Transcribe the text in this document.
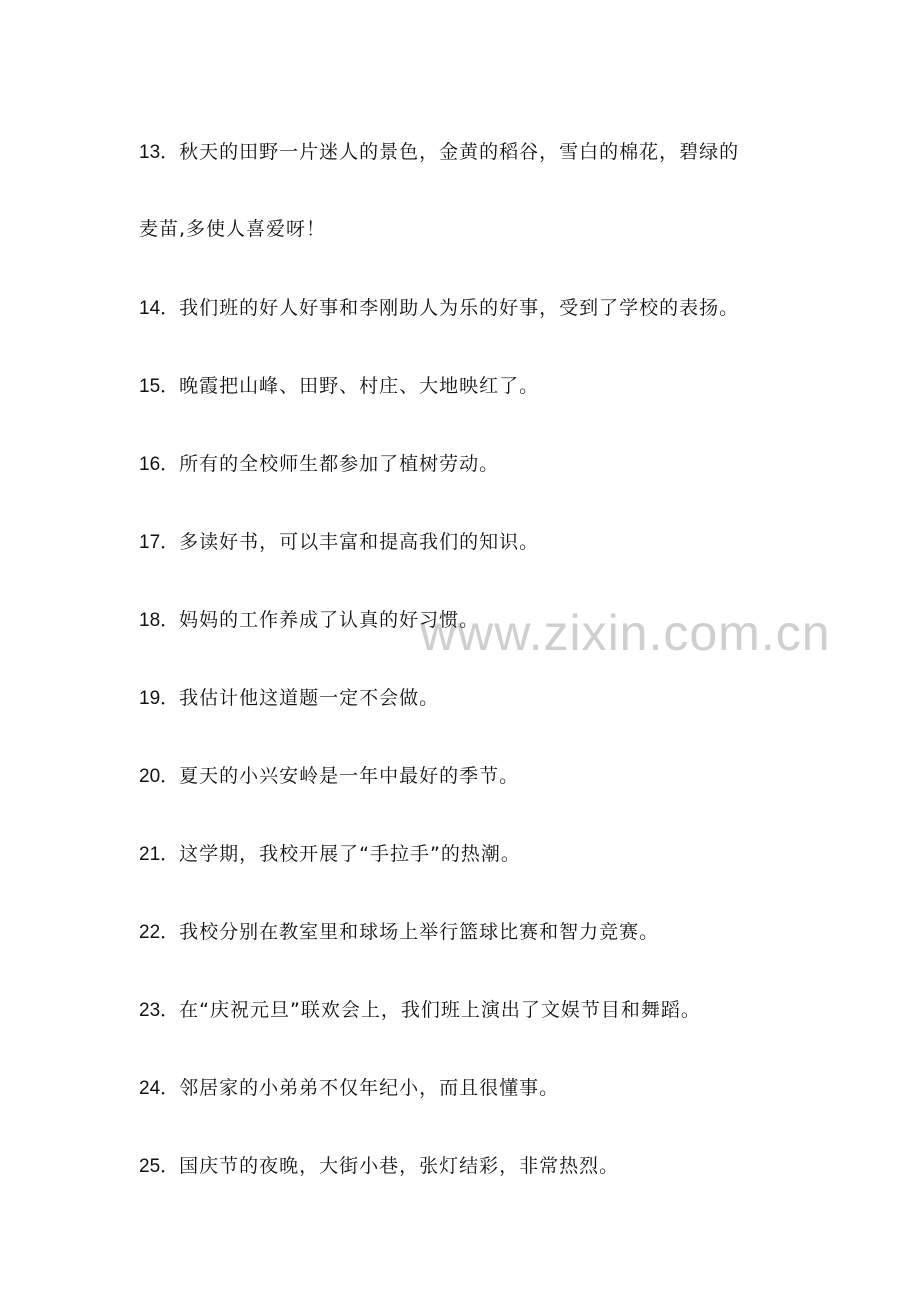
www.zixin.com.cn
13．秋天的田野一片迷人的景色，金黄的稻谷，雪白的棉花，碧绿的
麦苗,多使人喜爱呀！
14．我们班的好人好事和李刚助人为乐的好事，受到了学校的表扬。
15．晚霞把山峰、田野、村庄、大地映红了。
16．所有的全校师生都参加了植树劳动。
17．多读好书，可以丰富和提高我们的知识。
18．妈妈的工作养成了认真的好习惯。
19．我估计他这道题一定不会做。
20．夏天的小兴安岭是一年中最好的季节。
21．这学期，我校开展了“手拉手”的热潮。
22．我校分别在教室里和球场上举行篮球比赛和智力竞赛。
23．在“庆祝元旦”联欢会上，我们班上演出了文娱节目和舞蹈。
24．邻居家的小弟弟不仅年纪小，而且很懂事。
25．国庆节的夜晚，大街小巷，张灯结彩，非常热烈。
